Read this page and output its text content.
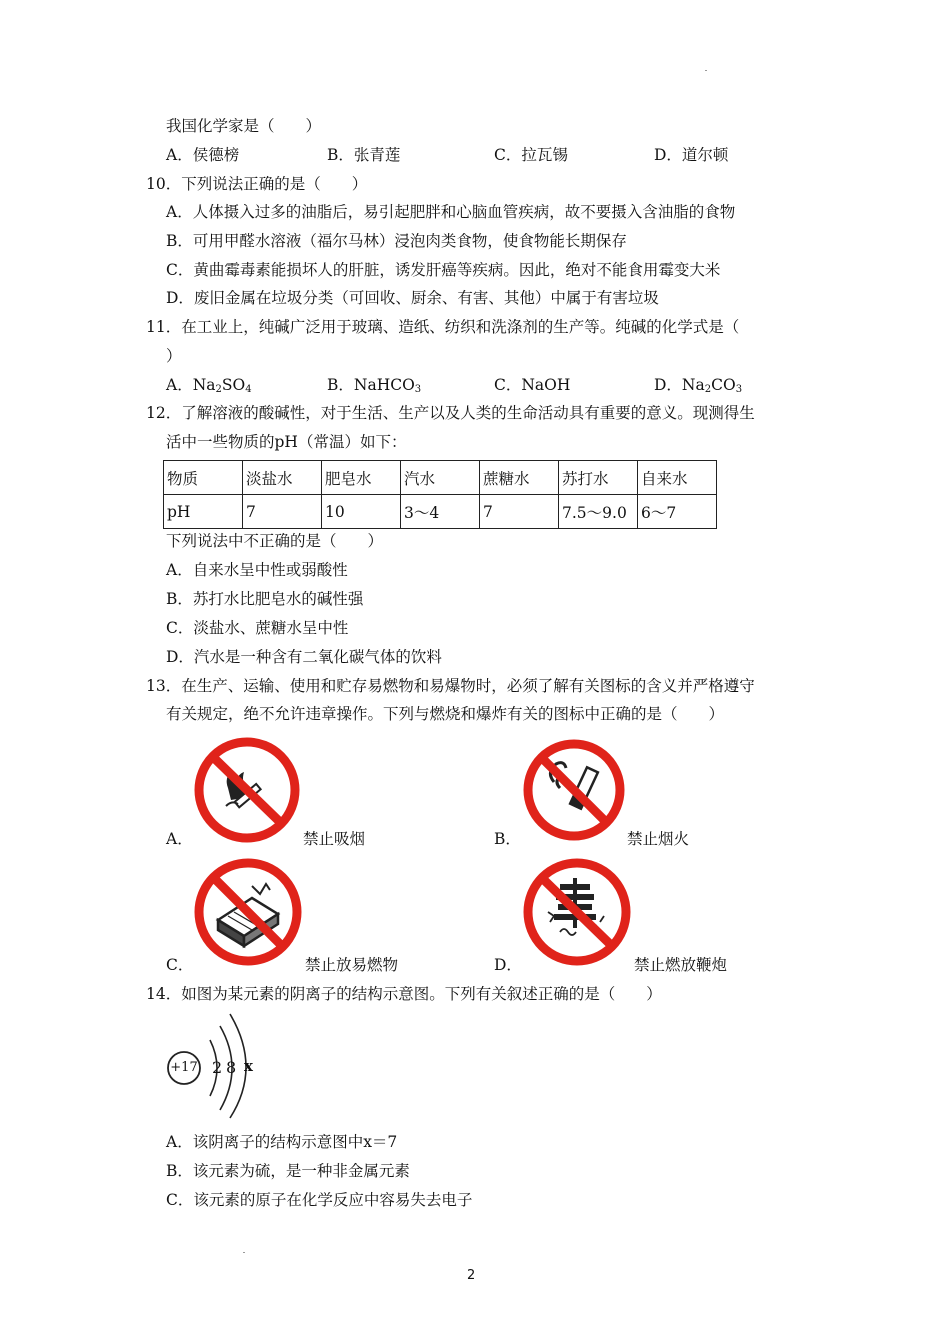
我国化学家是（　　）
A．侯德榜	B．张青莲	C．拉瓦锡	D．道尔顿
10．下列说法正确的是（　　）
A．人体摄入过多的油脂后，易引起肥胖和心脑血管疾病，故不要摄入含油脂的食物
B．可用甲醛水溶液（福尔马林）浸泡肉类食物，使食物能长期保存
C．黄曲霉毒素能损坏人的肝脏，诱发肝癌等疾病。因此，绝对不能食用霉变大米
D．废旧金属在垃圾分类（可回收、厨余、有害、其他）中属于有害垃圾
11．在工业上，纯碱广泛用于玻璃、造纸、纺织和洗涤剂的生产等。纯碱的化学式是（
）
A．$Na_2SO_4$	B．NaHCO$_3$	C．NaOH	D．$Na_2CO_3$
12．了解溶液的酸碱性，对于生活、生产以及人类的生命活动具有重要的意义。现测得生
活中一些物质的pH（常温）如下：
物质	淡盐水	肥皂水	汽水	蔗糖水	苏打水	自来水
pH	7	10	3～4	7	7.5～9.0	6～7
下列说法中不正确的是（　　）
A．自来水呈中性或弱酸性
B．苏打水比肥皂水的碱性强
C．淡盐水、蔗糖水呈中性
D．汽水是一种含有二氧化碳气体的饮料
13．在生产、运输、使用和贮存易燃物和易爆物时，必须了解有关图标的含义并严格遵守
有关规定，绝不允许违章操作。下列与燃烧和爆炸有关的图标中正确的是（　　）
A．	禁止吸烟	B．	禁止烟火
C．	禁止放易燃物	D．	禁止燃放鞭炮
14．如图为某元素的阴离子的结构示意图。下列有关叙述正确的是（　　）
+17 2 8 x
A．该阴离子的结构示意图中x＝7
B．该元素为硫，是一种非金属元素
C．该元素的原子在化学反应中容易失去电子
2
